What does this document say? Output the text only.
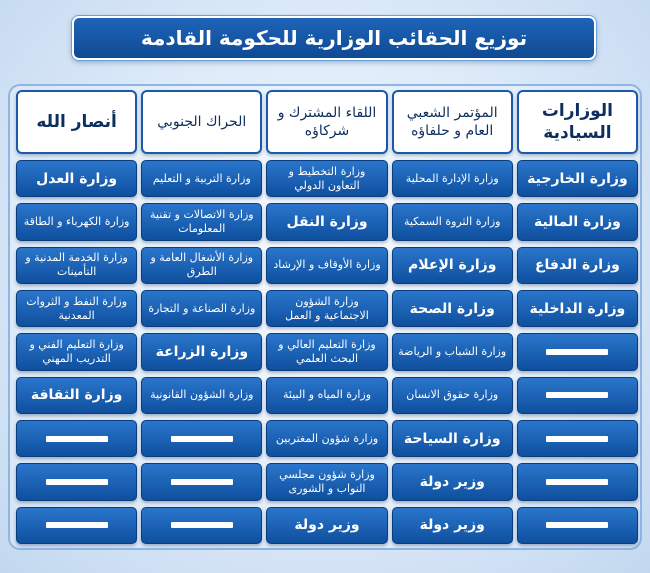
توزيع الحقائب الوزارية للحكومة القادمة
الوزارات السيادية
المؤتمر الشعبي العام و حلفاؤه
اللقاء المشترك و شركاؤه
الحراك الجنوبي
أنصار الله
وزارة الخارجية
وزارة الإدارة المحلية
وزارة التخطيط و التعاون الدولي
وزارة التربية و التعليم
وزارة العدل
وزارة المالية
وزارة الثروة السمكية
وزارة النقل
وزارة الاتصالات و تقنية المعلومات
وزارة الكهرباء و الطاقة
وزارة الدفاع
وزارة الإعلام
وزارة الأوقاف و الإرشاد
وزارة الأشغال العامة و الطرق
وزارة الخدمة المدنية و التأمينات
وزارة الداخلية
وزارة الصحة
وزارة الشؤون الاجتماعية و العمل
وزارة الصناعة و التجارة
وزارة النفط و الثروات المعدنية
وزارة الشباب و الرياضة
وزارة التعليم العالي و البحث العلمي
وزارة الزراعة
وزارة التعليم الفني و التدريب المهني
وزارة حقوق الانسان
وزارة المياه و البيئة
وزارة الشؤون القانونية
وزارة الثقافة
وزارة السياحة
وزارة شؤون المغتربين
وزير دولة
وزارة شؤون مجلسي النواب و الشورى
وزير دولة
وزير دولة
